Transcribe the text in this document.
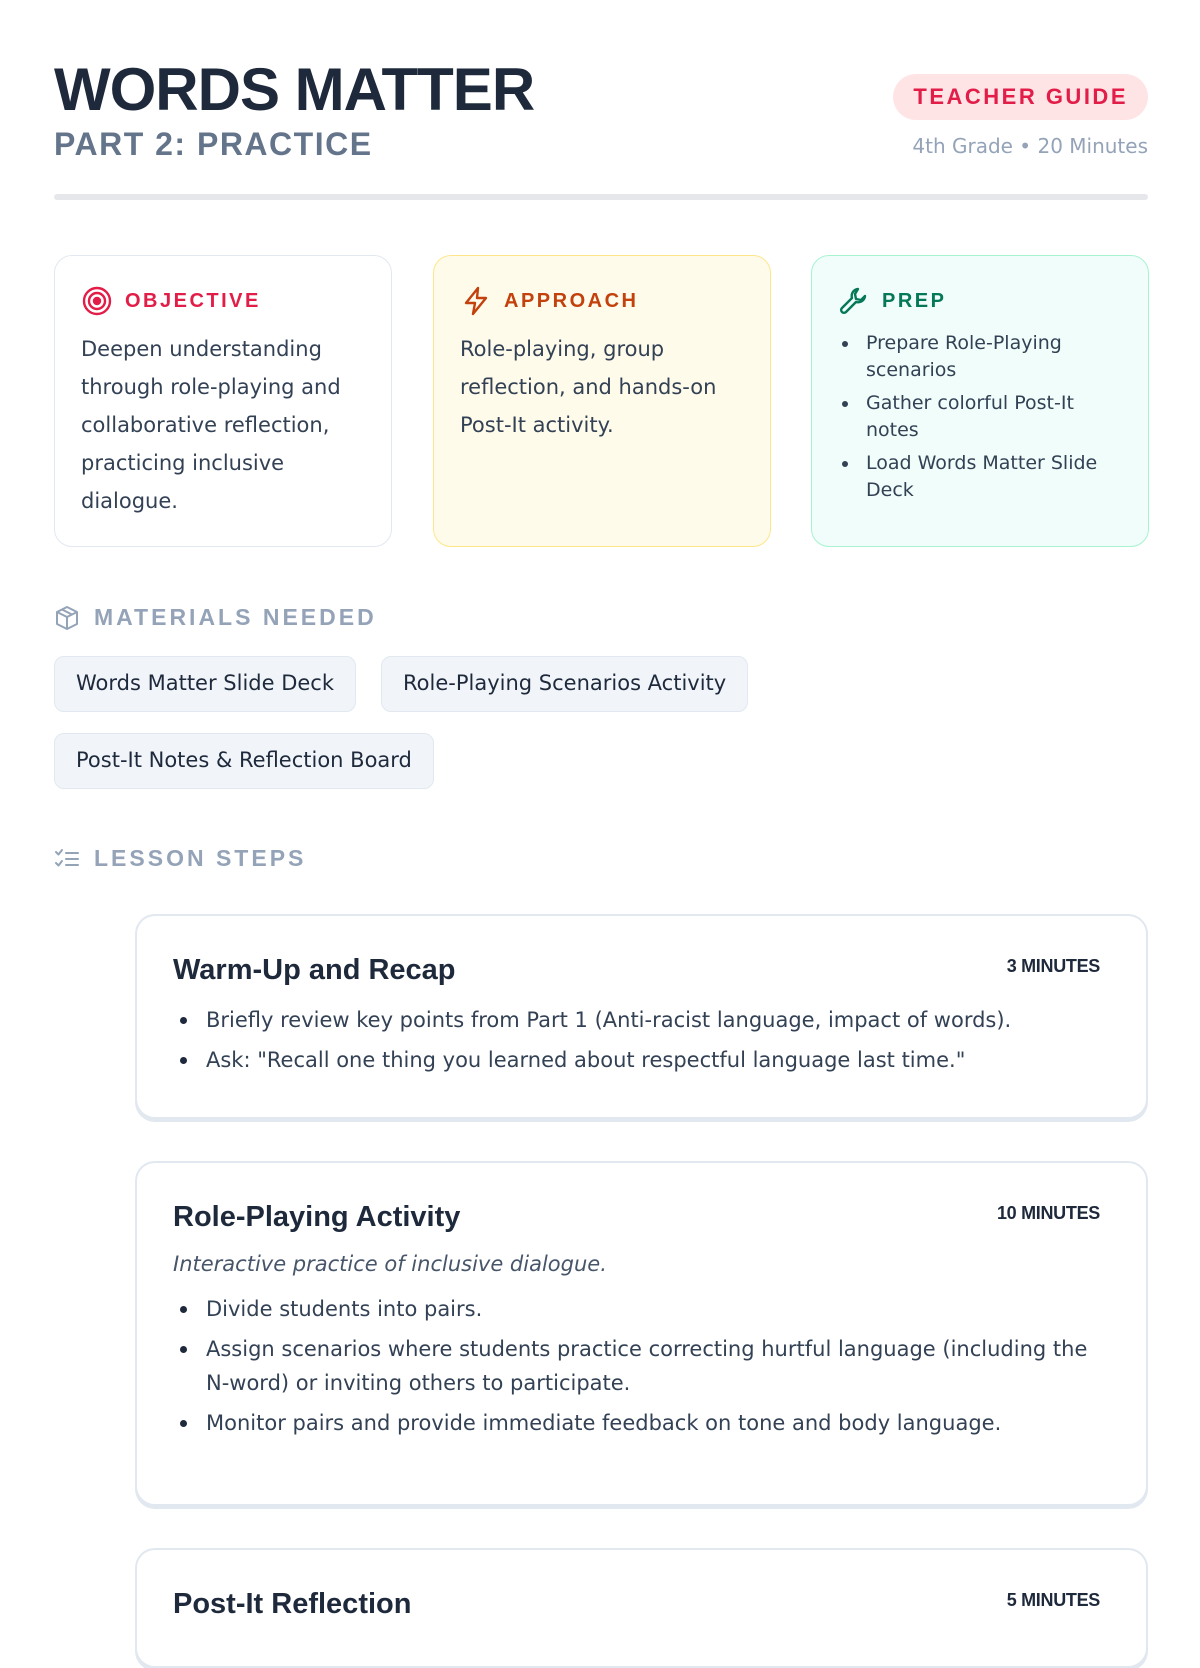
WORDS MATTER
PART 2: PRACTICE
TEACHER GUIDE
4th Grade • 20 Minutes
OBJECTIVE
Deepen understanding through role-playing and collaborative reflection, practicing inclusive dialogue.
APPROACH
Role-playing, group reflection, and hands-on Post-It activity.
PREP
Prepare Role-Playing scenarios
Gather colorful Post-It notes
Load Words Matter Slide Deck
MATERIALS NEEDED
Words Matter Slide Deck	Role-Playing Scenarios Activity
Post-It Notes & Reflection Board
LESSON STEPS
Warm-Up and Recap	3 MINUTES
Briefly review key points from Part 1 (Anti-racist language, impact of words).
Ask: "Recall one thing you learned about respectful language last time."
Role-Playing Activity	10 MINUTES
Interactive practice of inclusive dialogue.
Divide students into pairs.
Assign scenarios where students practice correcting hurtful language (including the N-word) or inviting others to participate.
Monitor pairs and provide immediate feedback on tone and body language.
Post-It Reflection	5 MINUTES
